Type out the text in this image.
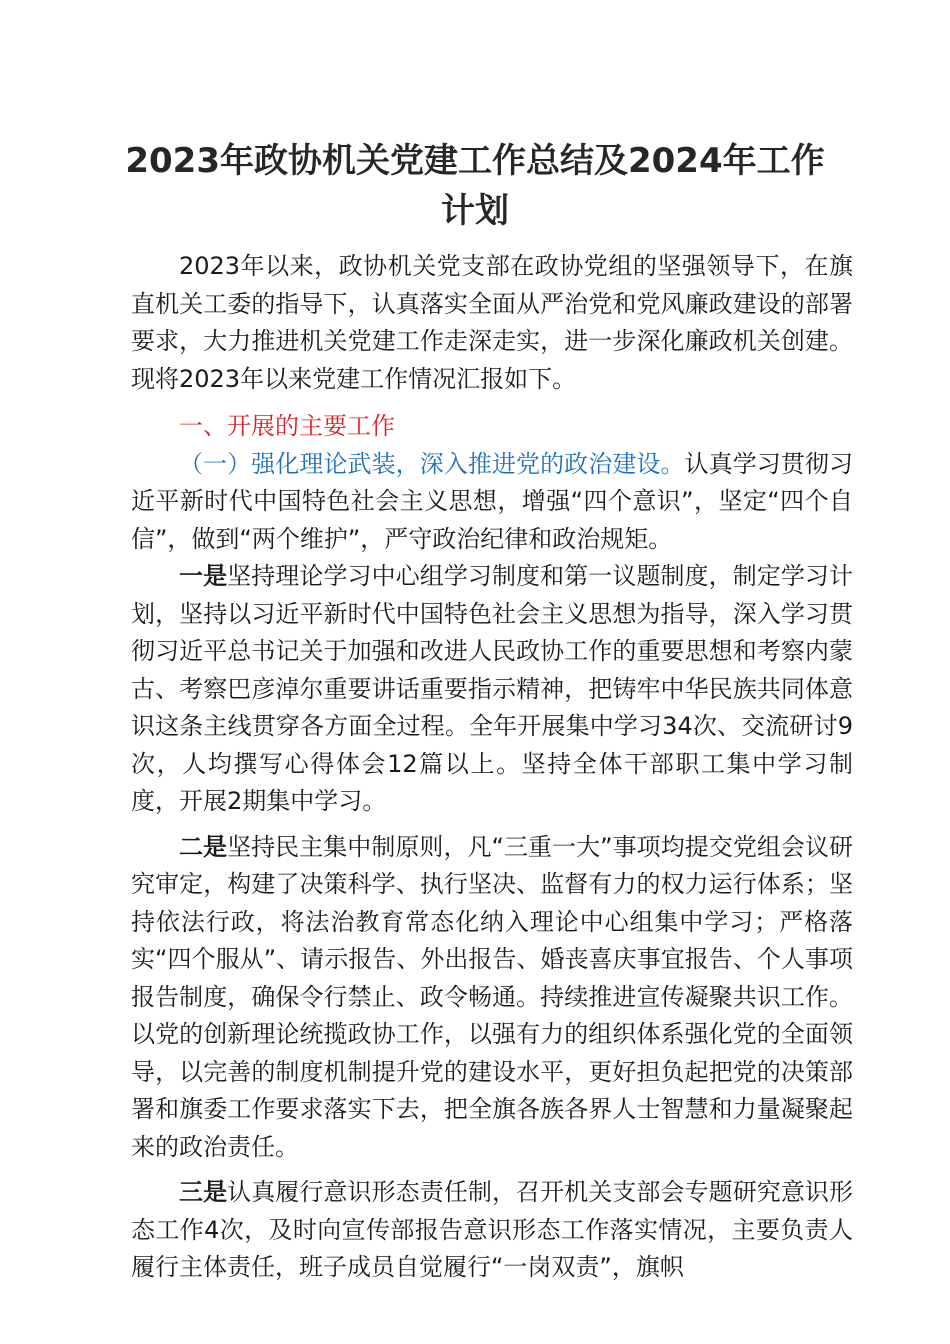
2023年政协机关党建工作总结及2024年工作计划

2023年以来，政协机关党支部在政协党组的坚强领导下，在旗直机关工委的指导下，认真落实全面从严治党和党风廉政建设的部署要求，大力推进机关党建工作走深走实，进一步深化廉政机关创建。现将2023年以来党建工作情况汇报如下。

一、开展的主要工作

（一）强化理论武装，深入推进党的政治建设。认真学习贯彻习近平新时代中国特色社会主义思想，增强“四个意识”，坚定“四个自信”，做到“两个维护”，严守政治纪律和政治规矩。

一是坚持理论学习中心组学习制度和第一议题制度，制定学习计划，坚持以习近平新时代中国特色社会主义思想为指导，深入学习贯彻习近平总书记关于加强和改进人民政协工作的重要思想和考察内蒙古、考察巴彦淖尔重要讲话重要指示精神，把铸牢中华民族共同体意识这条主线贯穿各方面全过程。全年开展集中学习34次、交流研讨9次，人均撰写心得体会12篇以上。坚持全体干部职工集中学习制度，开展2期集中学习。

二是坚持民主集中制原则，凡“三重一大”事项均提交党组会议研究审定，构建了决策科学、执行坚决、监督有力的权力运行体系；坚持依法行政，将法治教育常态化纳入理论中心组集中学习；严格落实“四个服从”、请示报告、外出报告、婚丧喜庆事宜报告、个人事项报告制度，确保令行禁止、政令畅通。持续推进宣传凝聚共识工作。以党的创新理论统揽政协工作，以强有力的组织体系强化党的全面领导，以完善的制度机制提升党的建设水平，更好担负起把党的决策部署和旗委工作要求落实下去，把全旗各族各界人士智慧和力量凝聚起来的政治责任。

三是认真履行意识形态责任制，召开机关支部会专题研究意识形态工作4次，及时向宣传部报告意识形态工作落实情况，主要负责人履行主体责任，班子成员自觉履行“一岗双责”，旗帜
